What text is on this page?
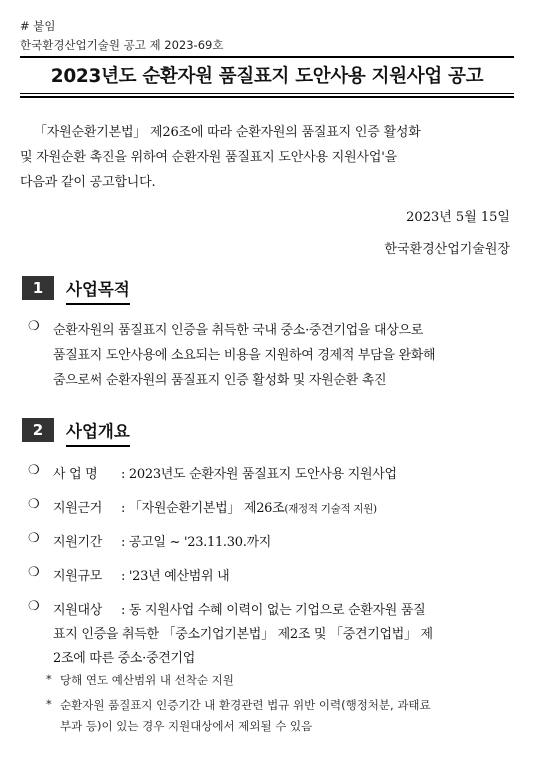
# 붙임
한국환경산업기술원 공고 제 2023-69호
2023년도 순환자원 품질표지 도안사용 지원사업 공고
「자원순환기본법」 제26조에 따라 순환자원의 품질표지 인증 활성화
및 자원순환 촉진을 위하여 순환자원 품질표지 도안사용 지원사업'을
다음과 같이 공고합니다.
2023년 5월 15일
한국환경산업기술원장
1	사업목적
❍ 순환자원의 품질표지 인증을 취득한 국내 중소·중견기업을 대상으로
품질표지 도안사용에 소요되는 비용을 지원하여 경제적 부담을 완화해
줌으로써 순환자원의 품질표지 인증 활성화 및 자원순환 촉진
2	사업개요
❍ 사 업 명 : 2023년도 순환자원 품질표지 도안사용 지원사업
❍ 지원근거 : 「자원순환기본법」 제26조(재정적 기술적 지원)
❍ 지원기간 : 공고일 ~ '23.11.30.까지
❍ 지원규모 : '23년 예산범위 내
❍ 지원대상 : 동 지원사업 수혜 이력이 없는 기업으로 순환자원 품질
표지 인증을 취득한 「중소기업기본법」 제2조 및 「중견기업법」 제
2조에 따른 중소·중견기업
* 당해 연도 예산범위 내 선착순 지원
* 순환자원 품질표지 인증기간 내 환경관련 법규 위반 이력(행정처분, 과태료
부과 등)이 있는 경우 지원대상에서 제외될 수 있음
